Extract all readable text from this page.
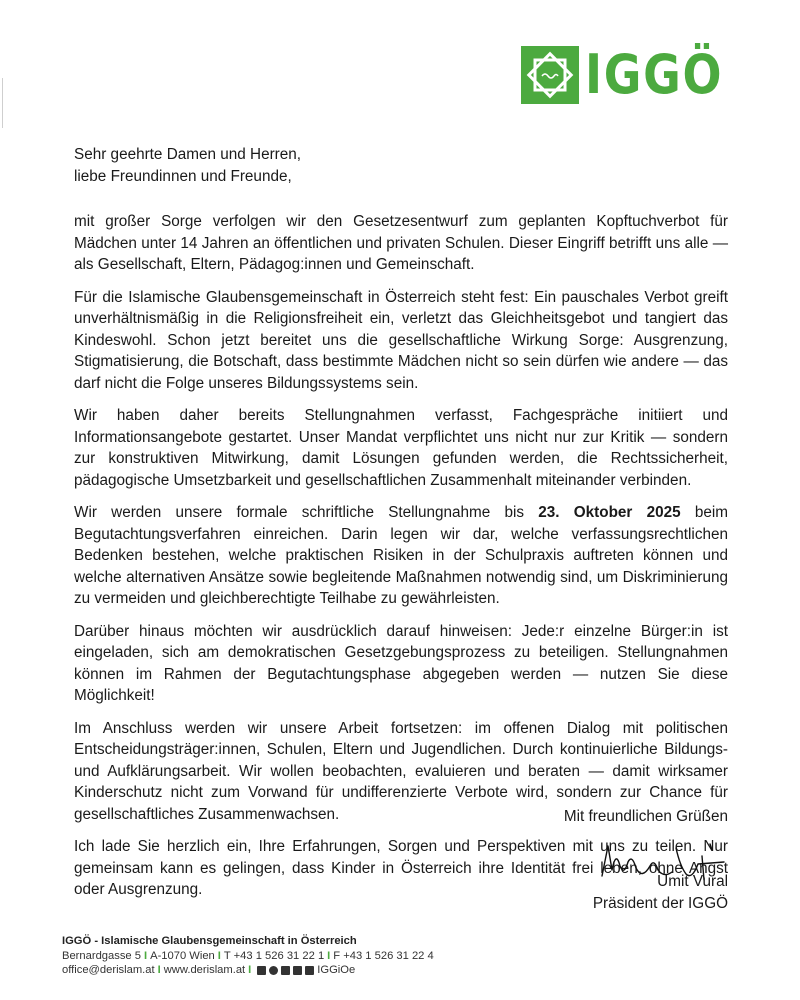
IGGÖ
Sehr geehrte Damen und Herren,
liebe Freundinnen und Freunde,

mit großer Sorge verfolgen wir den Gesetzesentwurf zum geplanten Kopftuchverbot für Mädchen unter 14 Jahren an öffentlichen und privaten Schulen. Dieser Eingriff betrifft uns alle — als Gesellschaft, Eltern, Pädagog:innen und Gemeinschaft.

Für die Islamische Glaubensgemeinschaft in Österreich steht fest: Ein pauschales Verbot greift unverhältnismäßig in die Religionsfreiheit ein, verletzt das Gleichheitsgebot und tangiert das Kindeswohl. Schon jetzt bereitet uns die gesellschaftliche Wirkung Sorge: Ausgrenzung, Stigmatisierung, die Botschaft, dass bestimmte Mädchen nicht so sein dürfen wie andere — das darf nicht die Folge unseres Bildungssystems sein.

Wir haben daher bereits Stellungnahmen verfasst, Fachgespräche initiiert und Informationsangebote gestartet. Unser Mandat verpflichtet uns nicht nur zur Kritik — sondern zur konstruktiven Mitwirkung, damit Lösungen gefunden werden, die Rechtssicherheit, pädagogische Umsetzbarkeit und gesellschaftlichen Zusammenhalt miteinander verbinden.

Wir werden unsere formale schriftliche Stellungnahme bis 23. Oktober 2025 beim Begutachtungsverfahren einreichen. Darin legen wir dar, welche verfassungsrechtlichen Bedenken bestehen, welche praktischen Risiken in der Schulpraxis auftreten können und welche alternativen Ansätze sowie begleitende Maßnahmen notwendig sind, um Diskriminierung zu vermeiden und gleichberechtigte Teilhabe zu gewährleisten.

Darüber hinaus möchten wir ausdrücklich darauf hinweisen: Jede:r einzelne Bürger:in ist eingeladen, sich am demokratischen Gesetzgebungsprozess zu beteiligen. Stellungnahmen können im Rahmen der Begutachtungsphase abgegeben werden — nutzen Sie diese Möglichkeit!

Im Anschluss werden wir unsere Arbeit fortsetzen: im offenen Dialog mit politischen Entscheidungsträger:innen, Schulen, Eltern und Jugendlichen. Durch kontinuierliche Bildungs- und Aufklärungsarbeit. Wir wollen beobachten, evaluieren und beraten — damit wirksamer Kinderschutz nicht zum Vorwand für undifferenzierte Verbote wird, sondern zur Chance für gesellschaftliches Zusammenwachsen.

Ich lade Sie herzlich ein, Ihre Erfahrungen, Sorgen und Perspektiven mit uns zu teilen. Nur gemeinsam kann es gelingen, dass Kinder in Österreich ihre Identität frei leben, ohne Angst oder Ausgrenzung.

Mit freundlichen Grüßen
Ümit Vural
Präsident der IGGÖ
IGGÖ - Islamische Glaubensgemeinschaft in Österreich
Bernardgasse 5 I A-1070 Wien I T +43 1 526 31 22 1 I F +43 1 526 31 22 4
office@derislam.at I www.derislam.at I	IGGiOe
